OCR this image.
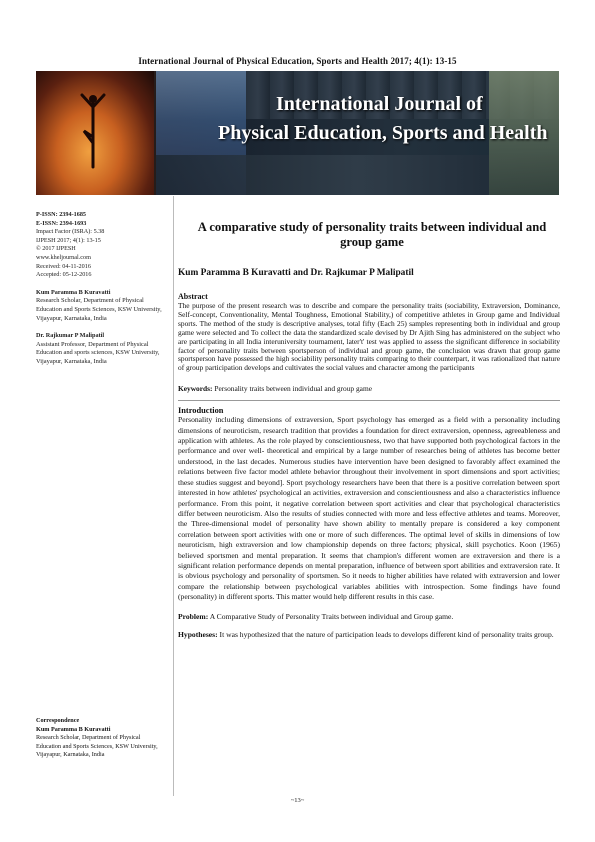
International Journal of Physical Education, Sports and Health 2017; 4(1): 13-15
International Journal of
Physical Education, Sports and Health
P-ISSN: 2394-1685
E-ISSN: 2394-1693
Impact Factor (ISRA): 5.38
IJPESH 2017; 4(1): 13-15
© 2017 IJPESH
www.kheljournal.com
Received: 04-11-2016
Accepted: 05-12-2016
Kum Paramma B Kuravatti
Research Scholar, Department of Physical Education and Sports Sciences, KSW University, Vijayapur, Karnataka, India
Dr. Rajkumar P Malipatil
Assistant Professor, Department of Physical Education and sports sciences, KSW University, Vijayapur, Karnataka, India
Correspondence
Kum Paramma B Kuravatti
Research Scholar, Department of Physical Education and Sports Sciences, KSW University, Vijayapur, Karnataka, India
A comparative study of personality traits between individual and group game
Kum Paramma B Kuravatti and Dr. Rajkumar P Malipatil
Abstract
The purpose of the present research was to describe and compare the personality traits (sociability, Extraversion, Dominance, Self-concept, Conventionality, Mental Toughness, Emotional Stability,) of competitive athletes in Group game and Individual sports. The method of the study is descriptive analyses, total fifty (Each 25) samples representing both in individual and group game were selected and To collect the data the standardized scale devised by Dr Ajith Sing has administered on the subject who are participating in all India interuniversity tournament, later't' test was applied to assess the significant difference in sociability factor of personality traits between sportsperson of individual and group game, the conclusion was drawn that group game sportsperson have possessed the high sociability personality traits comparing to their counterpart, it was rationalized that nature of group participation develops and cultivates the social values and character among the participants
Keywords: Personality traits between individual and group game
Introduction
Personality including dimensions of extraversion, Sport psychology has emerged as a field with a personality including dimensions of neuroticism, research tradition that provides a foundation for direct extraversion, openness, agreeableness and application with athletes. As the role played by conscientiousness, two that have supported both psychological factors in the performance and over well- theoretical and empirical by a large number of researches being of athletes has become better understood, in the last decades. Numerous studies have intervention have been designed to favorably affect examined the relations between five factor model athlete behavior throughout their involvement in sport dimensions and sport activities; these studies suggest and beyond]. Sport psychology researchers have been that there is a positive correlation between sport interested in how athletes' psychological an activities, extraversion and conscientiousness and also a characteristics influence performance. From this point, it negative correlation between sport activities and clear that psychological characteristics differ between neuroticism. Also the results of studies connected with more and less effective athletes and teams. Moreover, the Three-dimensional model of personality have shown ability to mentally prepare is considered a key component correlation between sport activities with one or more of such differences. The optimal level of skills in dimensions of low neuroticism, high extraversion and low championship depends on three factors; physical, skill psychotics. Koon (1965) believed sportsmen and mental preparation. It seems that champion's different women are extraversion and there is a significant relation performance depends on mental preparation, influence of between sport abilities and extraversion rate. It is obvious psychology and personality of sportsmen. So it needs to higher abilities have related with extraversion and lower compare the relationship between psychological variables abilities with introspection. Some findings have found (personality) in different sports. This matter would help different results in this case.
Problem: A Comparative Study of Personality Traits between individual and Group game.
Hypotheses: It was hypothesized that the nature of participation leads to develops different kind of personality traits group.
~13~
